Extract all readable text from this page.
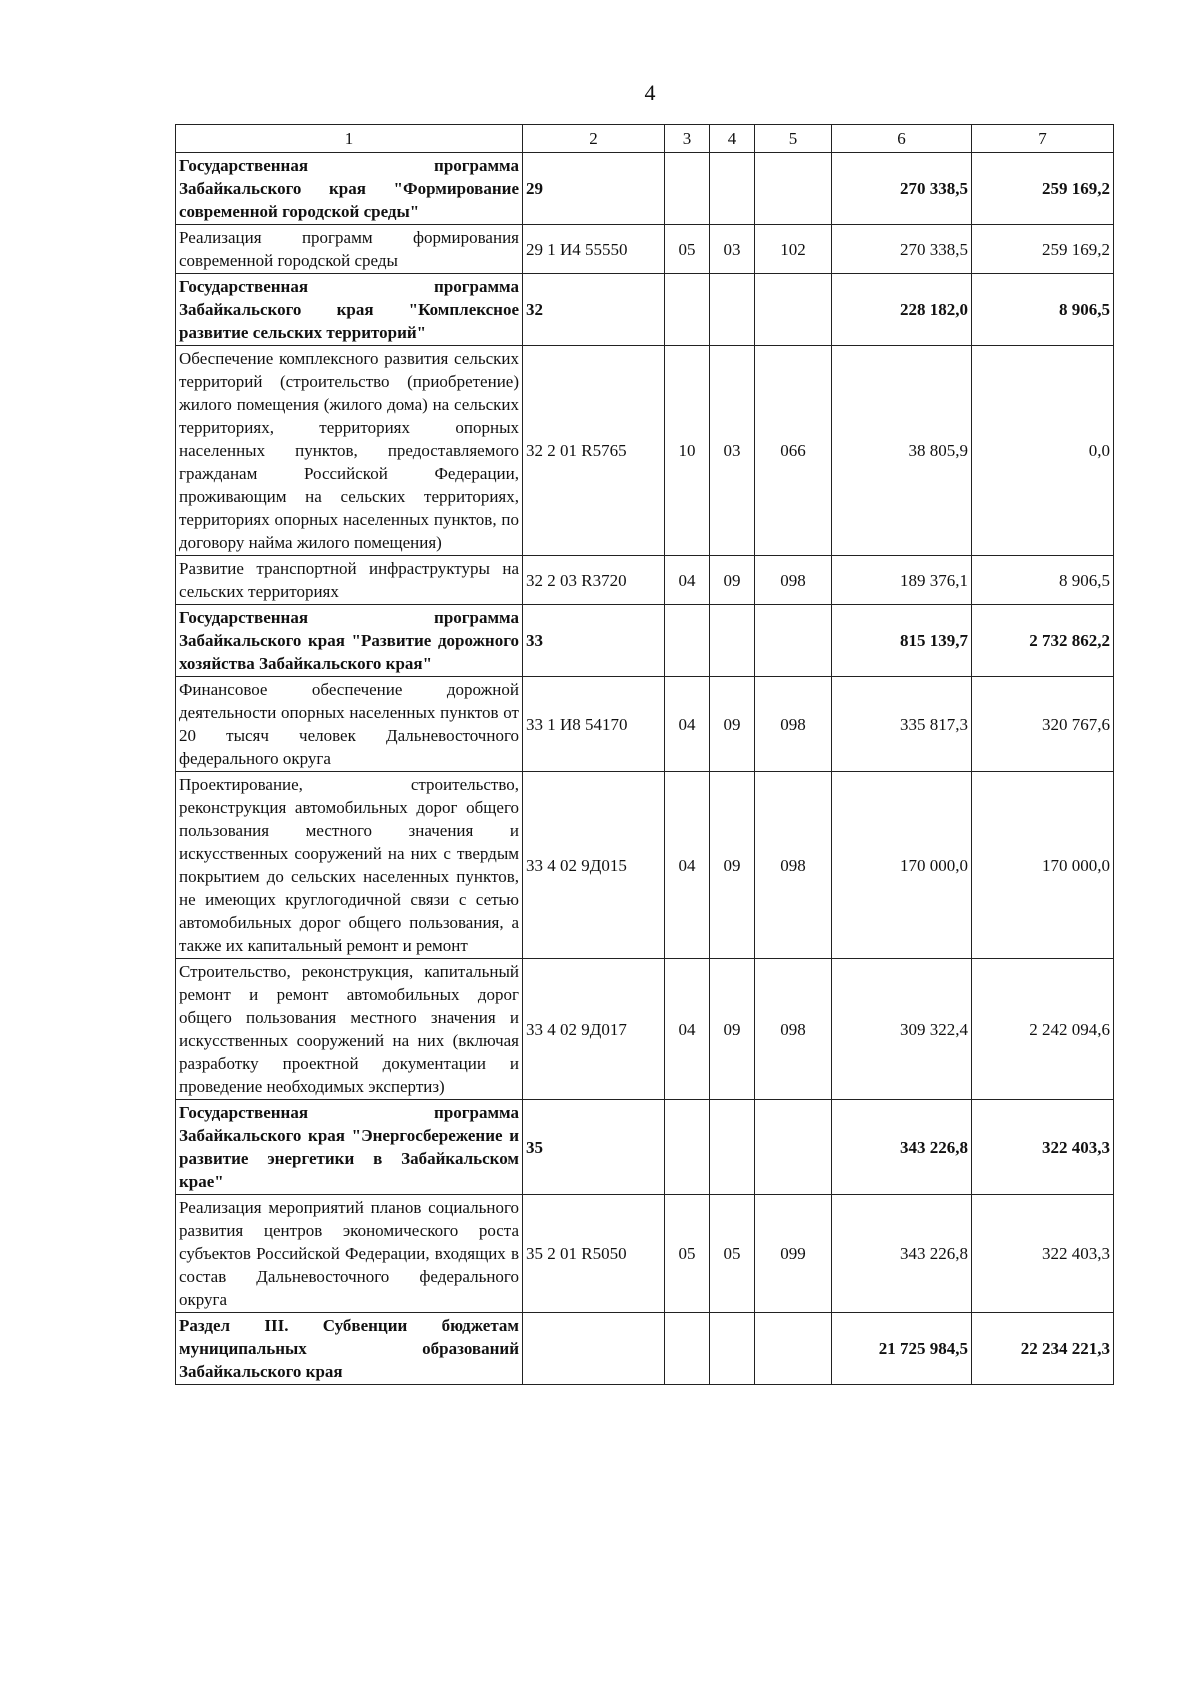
4
1	2	3	4	5	6	7
Государственная программа Забайкальского края "Формирование современной городской среды"	29				270 338,5	259 169,2
Реализация программ формирования современной городской среды	29 1 И4 55550	05	03	102	270 338,5	259 169,2
Государственная программа Забайкальского края "Комплексное развитие сельских территорий"	32				228 182,0	8 906,5
Обеспечение комплексного развития сельских территорий (строительство (приобретение) жилого помещения (жилого дома) на сельских территориях, территориях опорных населенных пунктов, предоставляемого гражданам Российской Федерации, проживающим на сельских территориях, территориях опорных населенных пунктов, по договору найма жилого помещения)	32 2 01 R5765	10	03	066	38 805,9	0,0
Развитие транспортной инфраструктуры на сельских территориях	32 2 03 R3720	04	09	098	189 376,1	8 906,5
Государственная программа Забайкальского края "Развитие дорожного хозяйства Забайкальского края"	33				815 139,7	2 732 862,2
Финансовое обеспечение дорожной деятельности опорных населенных пунктов от 20 тысяч человек Дальневосточного федерального округа	33 1 И8 54170	04	09	098	335 817,3	320 767,6
Проектирование, строительство, реконструкция автомобильных дорог общего пользования местного значения и искусственных сооружений на них с твердым покрытием до сельских населенных пунктов, не имеющих круглогодичной связи с сетью автомобильных дорог общего пользования, а также их капитальный ремонт и ремонт	33 4 02 9Д015	04	09	098	170 000,0	170 000,0
Строительство, реконструкция, капитальный ремонт и ремонт автомобильных дорог общего пользования местного значения и искусственных сооружений на них (включая разработку проектной документации и проведение необходимых экспертиз)	33 4 02 9Д017	04	09	098	309 322,4	2 242 094,6
Государственная программа Забайкальского края "Энергосбережение и развитие энергетики в Забайкальском крае"	35				343 226,8	322 403,3
Реализация мероприятий планов социального развития центров экономического роста субъектов Российской Федерации, входящих в состав Дальневосточного федерального округа	35 2 01 R5050	05	05	099	343 226,8	322 403,3
Раздел III. Субвенции бюджетам муниципальных образований Забайкальского края					21 725 984,5	22 234 221,3
